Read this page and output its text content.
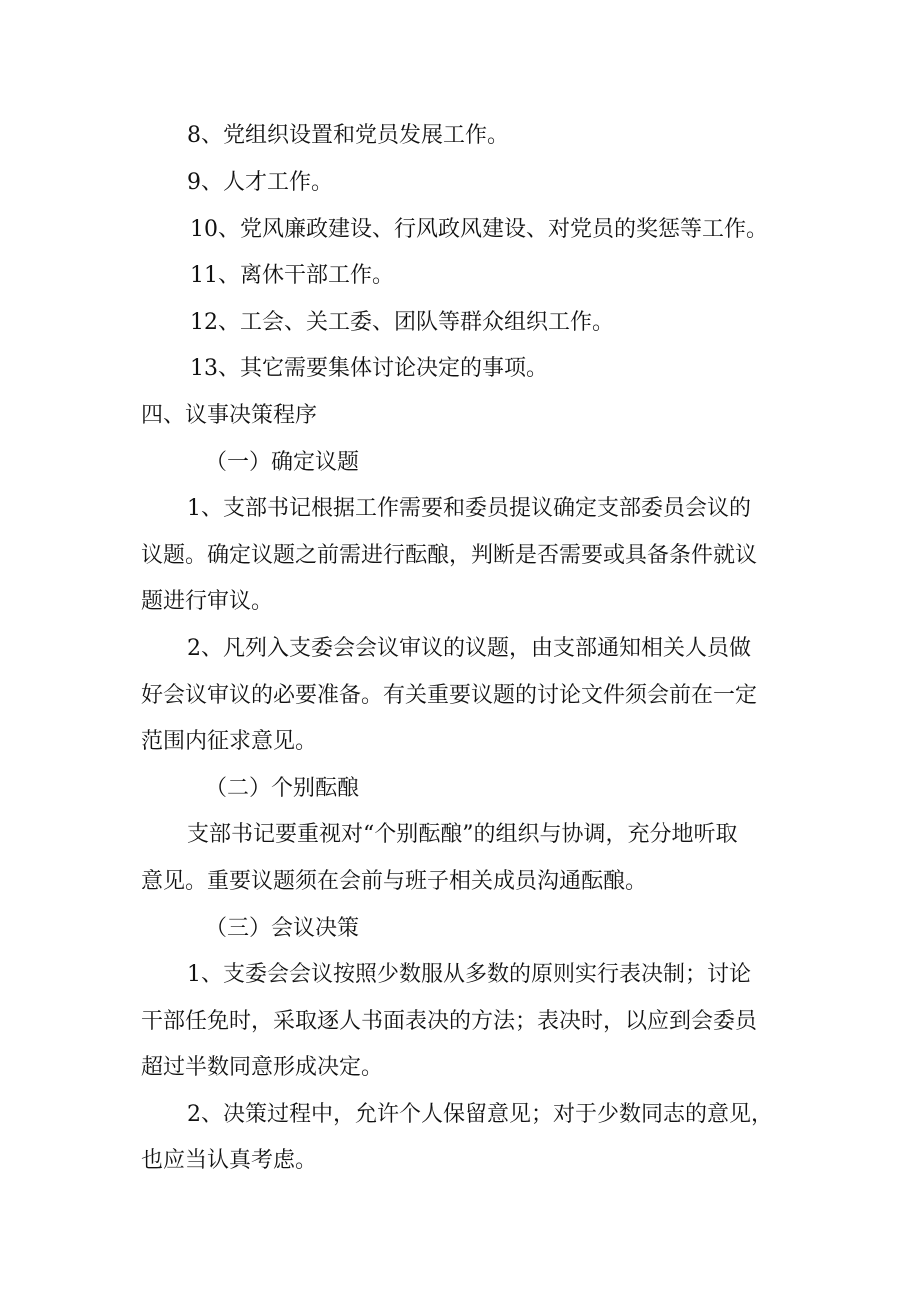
8、党组织设置和党员发展工作。
9、人才工作。
10、党风廉政建设、行风政风建设、对党员的奖惩等工作。
11、离休干部工作。
12、工会、关工委、团队等群众组织工作。
13、其它需要集体讨论决定的事项。
四、议事决策程序
（一）确定议题
1、支部书记根据工作需要和委员提议确定支部委员会议的
议题。确定议题之前需进行酝酿，判断是否需要或具备条件就议
题进行审议。
2、凡列入支委会会议审议的议题，由支部通知相关人员做
好会议审议的必要准备。有关重要议题的讨论文件须会前在一定
范围内征求意见。
（二）个别酝酿
支部书记要重视对“个别酝酿”的组织与协调，充分地听取
意见。重要议题须在会前与班子相关成员沟通酝酿。
（三）会议决策
1、支委会会议按照少数服从多数的原则实行表决制；讨论
干部任免时，采取逐人书面表决的方法；表决时，以应到会委员
超过半数同意形成决定。
2、决策过程中，允许个人保留意见；对于少数同志的意见，
也应当认真考虑。
